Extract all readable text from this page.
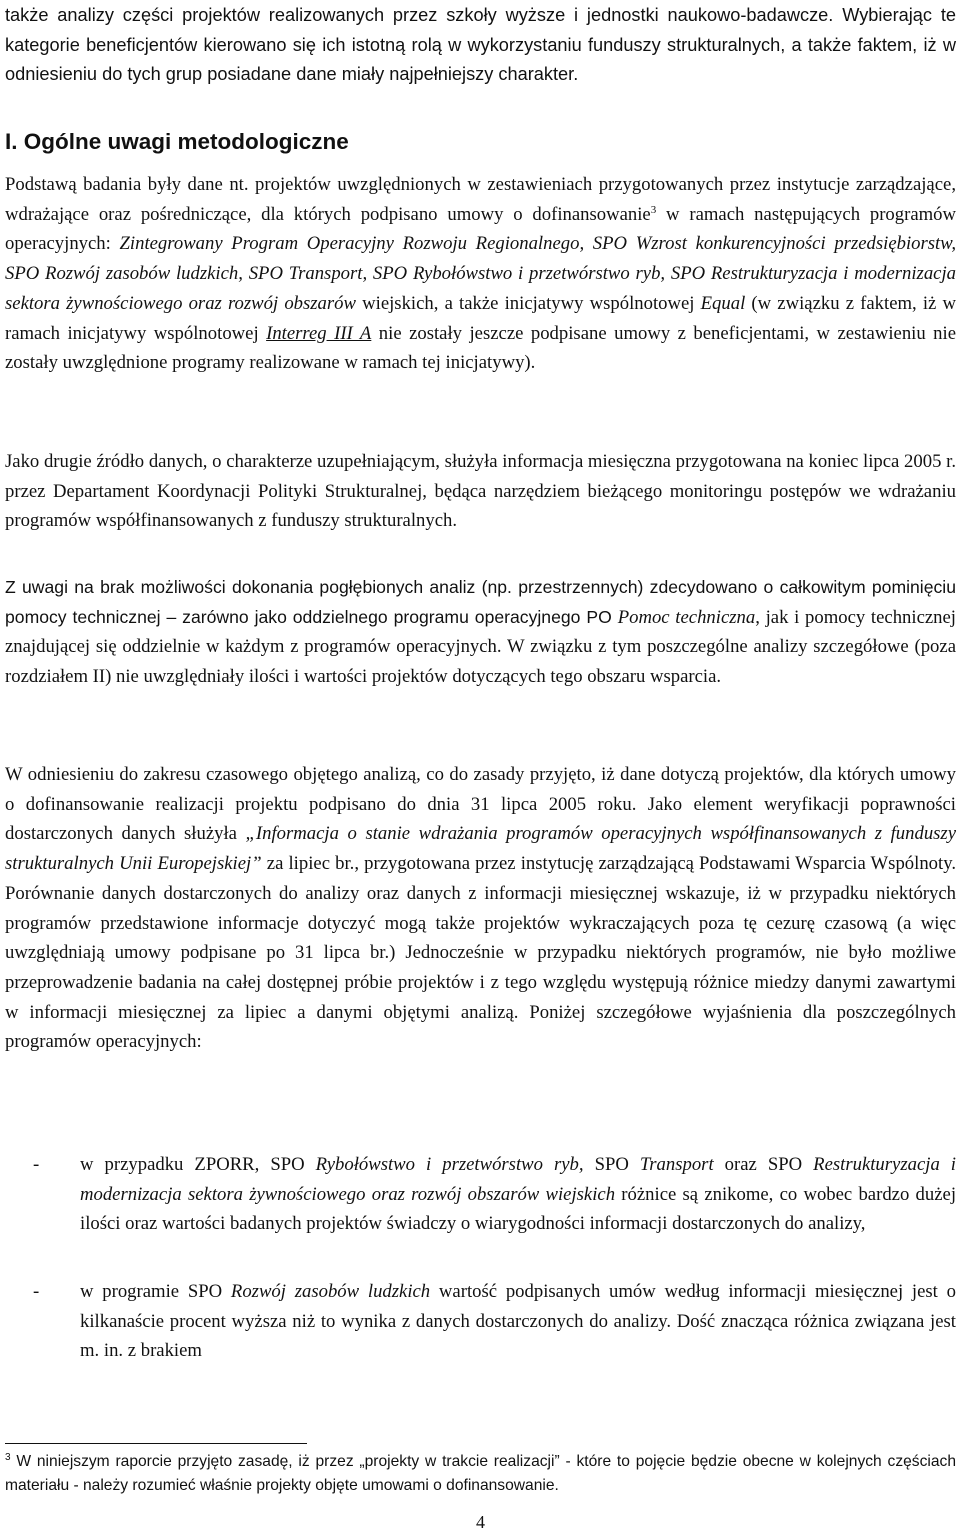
także analizy części projektów realizowanych przez szkoły wyższe i jednostki naukowo-badawcze. Wybierając te kategorie beneficjentów kierowano się ich istotną rolą w wykorzystaniu funduszy strukturalnych, a także faktem, iż w odniesieniu do tych grup posiadane dane miały najpełniejszy charakter.

I. Ogólne uwagi metodologiczne

Podstawą badania były dane nt. projektów uwzględnionych w zestawieniach przygotowanych przez instytucje zarządzające, wdrażające oraz pośredniczące, dla których podpisano umowy o dofinansowanie$^3$ w ramach następujących programów operacyjnych: Zintegrowany Program Operacyjny Rozwoju Regionalnego, SPO Wzrost konkurencyjności przedsiębiorstw, SPO Rozwój zasobów ludzkich, SPO Transport, SPO Rybołówstwo i przetwórstwo ryb, SPO Restrukturyzacja i modernizacja sektora żywnościowego oraz rozwój obszarów wiejskich, a także inicjatywy wspólnotowej Equal (w związku z faktem, iż w ramach inicjatywy wspólnotowej Interreg III A nie zostały jeszcze podpisane umowy z beneficjentami, w zestawieniu nie zostały uwzględnione programy realizowane w ramach tej inicjatywy).

Jako drugie źródło danych, o charakterze uzupełniającym, służyła informacja miesięczna przygotowana na koniec lipca 2005 r. przez Departament Koordynacji Polityki Strukturalnej, będąca narzędziem bieżącego monitoringu postępów we wdrażaniu programów współfinansowanych z funduszy strukturalnych.

Z uwagi na brak możliwości dokonania pogłębionych analiz (np. przestrzennych) zdecydowano o całkowitym pominięciu pomocy technicznej – zarówno jako oddzielnego programu operacyjnego PO Pomoc techniczna, jak i pomocy technicznej znajdującej się oddzielnie w każdym z programów operacyjnych. W związku z tym poszczególne analizy szczegółowe (poza rozdziałem II) nie uwzględniały ilości i wartości projektów dotyczących tego obszaru wsparcia.

W odniesieniu do zakresu czasowego objętego analizą, co do zasady przyjęto, iż dane dotyczą projektów, dla których umowy o dofinansowanie realizacji projektu podpisano do dnia 31 lipca 2005 roku. Jako element weryfikacji poprawności dostarczonych danych służyła „Informacja o stanie wdrażania programów operacyjnych współfinansowanych z funduszy strukturalnych Unii Europejskiej” za lipiec br., przygotowana przez instytucję zarządzającą Podstawami Wsparcia Wspólnoty. Porównanie danych dostarczonych do analizy oraz danych z informacji miesięcznej wskazuje, iż w przypadku niektórych programów przedstawione informacje dotyczyć mogą także projektów wykraczających poza tę cezurę czasową (a więc uwzględniają umowy podpisane po 31 lipca br.) Jednocześnie w przypadku niektórych programów, nie było możliwe przeprowadzenie badania na całej dostępnej próbie projektów i z tego względu występują różnice miedzy danymi zawartymi w informacji miesięcznej za lipiec a danymi objętymi analizą. Poniżej szczegółowe wyjaśnienia dla poszczególnych programów operacyjnych:

- w przypadku ZPORR, SPO Rybołówstwo i przetwórstwo ryb, SPO Transport oraz SPO Restrukturyzacja i modernizacja sektora żywnościowego oraz rozwój obszarów wiejskich różnice są znikome, co wobec bardzo dużej ilości oraz wartości badanych projektów świadczy o wiarygodności informacji dostarczonych do analizy,

- w programie SPO Rozwój zasobów ludzkich wartość podpisanych umów według informacji miesięcznej jest o kilkanaście procent wyższa niż to wynika z danych dostarczonych do analizy. Dość znacząca różnica związana jest m. in. z brakiem

$^3$ W niniejszym raporcie przyjęto zasadę, iż przez „projekty w trakcie realizacji” - które to pojęcie będzie obecne w kolejnych częściach materiału - należy rozumieć właśnie projekty objęte umowami o dofinansowanie.

4
